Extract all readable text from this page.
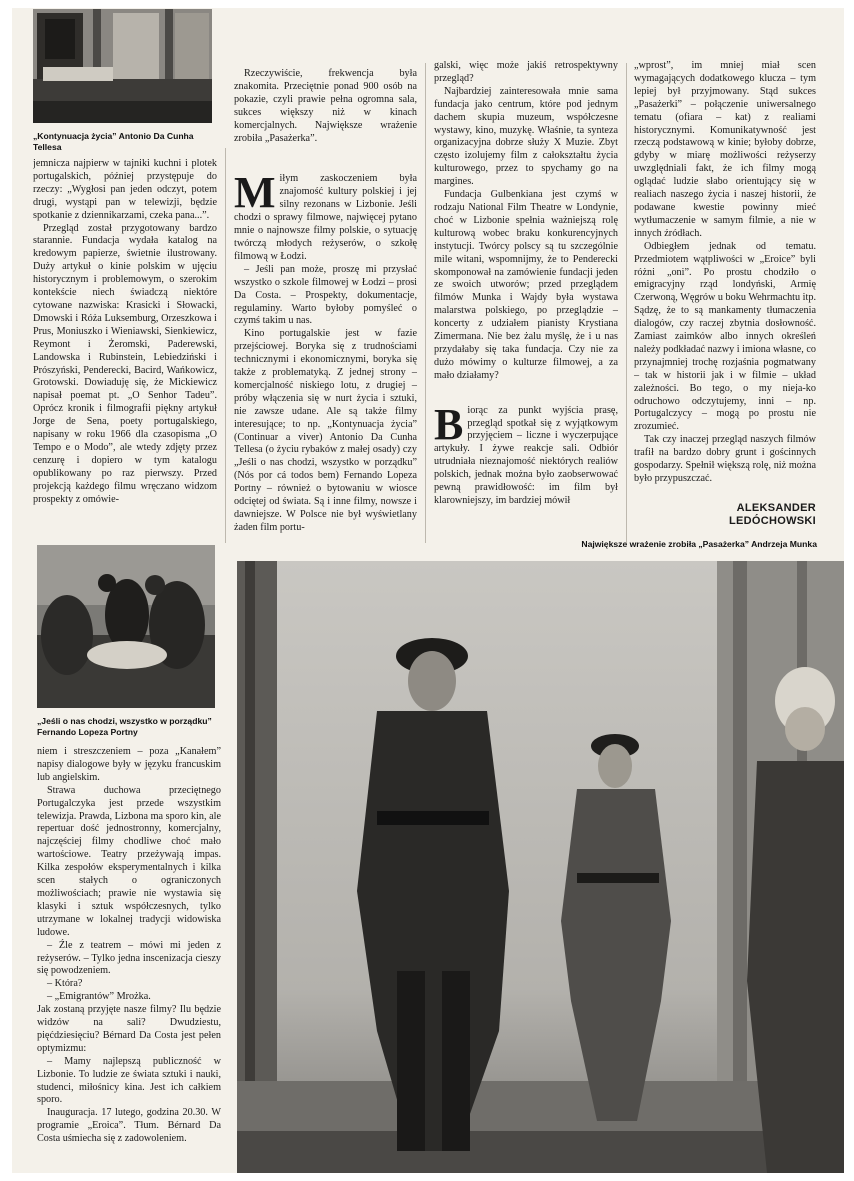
„Kontynuacja życia” Antonio Da Cunha Tellesa

jemnicza najpierw w tajniki kuchni i plotek portugalskich, później przystępuje do rzeczy: „Wygłosi pan jeden odczyt, potem drugi, wystąpi pan w telewizji, będzie spotkanie z dziennikarzami, czeka pana...”.

Przegląd został przygotowany bardzo starannie. Fundacja wydała katalog na kredowym papierze, świetnie ilustrowany. Duży artykuł o kinie polskim w ujęciu historycznym i problemowym, o szerokim kontekście niech świadczą niektóre cytowane nazwiska: Krasicki i Słowacki, Dmowski i Róża Luksemburg, Orzeszkowa i Prus, Moniuszko i Wieniawski, Sienkiewicz, Reymont i Żeromski, Paderewski, Landowska i Rubinstein, Lebiedziński i Prószyński, Penderecki, Bacird, Wańkowicz, Grotowski. Dowiaduję się, że Mickiewicz napisał poemat pt. „O Senhor Tadeu”. Oprócz kronik i filmografii piękny artykuł Jorge de Sena, poety portugalskiego, napisany w roku 1966 dla czasopisma „O Tempo e o Modo”, ale wtedy zdjęty przez cenzurę i dopiero w tym katalogu opublikowany po raz pierwszy. Przed projekcją każdego filmu wręczano widzom prospekty z omówie-

Rzeczywiście, frekwencja była znakomita. Przeciętnie ponad 900 osób na pokazie, czyli prawie pełna ogromna sala, sukces większy niż w kinach komercjalnych. Największe wrażenie zrobiła „Pasażerka”.

Miłym zaskoczeniem była znajomość kultury polskiej i jej silny rezonans w Lizbonie. Jeśli chodzi o sprawy filmowe, najwięcej pytano mnie o najnowsze filmy polskie, o sytuację twórczą młodych reżyserów, o szkołę filmową w Łodzi.

– Jeśli pan może, proszę mi przysłać wszystko o szkole filmowej w Łodzi – prosi Da Costa. – Prospekty, dokumentacje, regulaminy. Warto byłoby pomyśleć o czymś takim u nas.

Kino portugalskie jest w fazie przejściowej. Boryka się z trudnościami technicznymi i ekonomicznymi, boryka się także z problematyką. Z jednej strony – komercjalność niskiego lotu, z drugiej – próby włączenia się w nurt życia i sztuki, nie zawsze udane. Ale są także filmy interesujące; to np. „Kontynuacja życia” (Continuar a viver) Antonio Da Cunha Tellesa (o życiu rybaków z małej osady) czy „Jeśli o nas chodzi, wszystko w porządku” (Nós por cá todos bem) Fernando Lopeza Portny – również o bytowaniu w wiosce odciętej od świata. Są i inne filmy, nowsze i dawniejsze. W Polsce nie był wyświetlany żaden film portu-

galski, więc może jakiś retrospektywny przegląd?

Najbardziej zainteresowała mnie sama fundacja jako centrum, które pod jednym dachem skupia muzeum, współczesne wystawy, kino, muzykę. Właśnie, ta synteza organizacyjna dobrze służy X Muzie. Zbyt często izolujemy film z całokształtu życia kulturowego, przez to spychamy go na margines.

Fundacja Gulbenkiana jest czymś w rodzaju National Film Theatre w Londynie, choć w Lizbonie spełnia ważniejszą rolę kulturową wobec braku konkurencyjnych instytucji. Twórcy polscy są tu szczególnie mile witani, wspomnijmy, że to Penderecki skomponował na zamówienie fundacji jeden ze swoich utworów; przed przeglądem filmów Munka i Wajdy była wystawa malarstwa polskiego, po przeglądzie – koncerty z udziałem pianisty Krystiana Zimermana. Nie bez żalu myślę, że i u nas przydałaby się taka fundacja. Czy nie za dużo mówimy o kulturze filmowej, a za mało działamy?

Biorąc za punkt wyjścia prasę, przegląd spotkał się z wyjątkowym przyjęciem – liczne i wyczerpujące artykuły. I żywe reakcje sali. Odbiór utrudniała nieznajomość niektórych realiów polskich, jednak można było zaobserwować pewną prawidłowość: im film był klarowniejszy, im bardziej mówił

„wprost”, im mniej miał scen wymagających dodatkowego klucza – tym lepiej był przyjmowany. Stąd sukces „Pasażerki” – połączenie uniwersalnego tematu (ofiara – kat) z realiami historycznymi. Komunikatywność jest rzeczą podstawową w kinie; byłoby dobrze, gdyby w miarę możliwości reżyserzy uwzględniali fakt, że ich filmy mogą oglądać ludzie słabo orientujący się w realiach naszego życia i naszej historii, że podawane kwestie powinny mieć wytłumaczenie w samym filmie, a nie w innych źródłach.

Odbiegłem jednak od tematu. Przedmiotem wątpliwości w „Eroice” byli różni „oni”. Po prostu chodziło o emigracyjny rząd londyński, Armię Czerwoną, Węgrów u boku Wehrmachtu itp. Sądzę, że to są mankamenty tłumaczenia dialogów, czy raczej zbytnia dosłowność. Zamiast zaimków albo innych określeń należy podkładać nazwy i imiona własne, co przynajmniej trochę rozjaśnia pogmatwany – tak w historii jak i w filmie – układ zależności. Bo tego, o my nieja-ko odruchowo odczytujemy, inni – np. Portugalczycy – mogą po prostu nie zrozumieć.

Tak czy inaczej przegląd naszych filmów trafił na bardzo dobry grunt i gościnnych gospodarzy. Spełnił większą rolę, niż można było przypuszczać.

ALEKSANDER
LEDÓCHOWSKI
Największe wrażenie zrobiła „Pasażerka” Andrzeja Munka
„Jeśli o nas chodzi, wszystko w porządku” Fernando Lopeza Portny

niem i streszczeniem – poza „Kanałem” napisy dialogowe były w języku francuskim lub angielskim.

Strawa duchowa przeciętnego Portugalczyka jest przede wszystkim telewizja. Prawda, Lizbona ma sporo kin, ale repertuar dość jednostronny, komercjalny, najczęściej filmy chodliwe choć mało wartościowe. Teatry przeżywają impas. Kilka zespołów eksperymentalnych i kilka scen stałych o ograniczonych możliwościach; prawie nie wystawia się klasyki i sztuk współczesnych, tylko utrzymane w lokalnej tradycji widowiska ludowe.

– Źle z teatrem – mówi mi jeden z reżyserów. – Tylko jedna inscenizacja cieszy się powodzeniem.

– Która?

– „Emigrantów” Mrożka.

Jak zostaną przyjęte nasze filmy? Ilu będzie widzów na sali? Dwudziestu, pięćdziesięciu? Bérnard Da Costa jest pełen optymizmu:

– Mamy najlepszą publiczność w Lizbonie. To ludzie ze świata sztuki i nauki, studenci, miłośnicy kina. Jest ich całkiem sporo.

Inauguracja. 17 lutego, godzina 20.30. W programie „Eroica”. Tłum. Bérnard Da Costa uśmiecha się z zadowoleniem.
